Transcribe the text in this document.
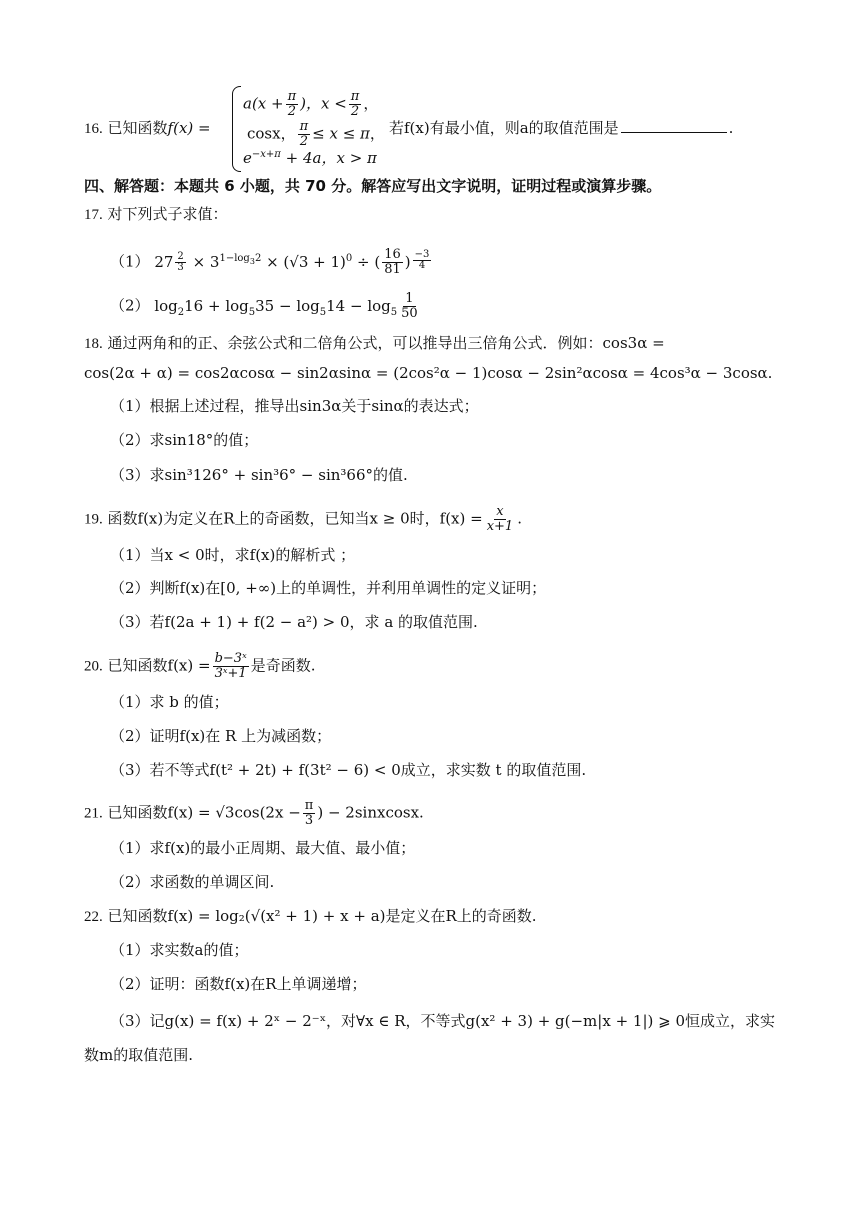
16. 已知函数f(x) =
$a(x + \frac{\pi}{2}$ )，$x < \frac{\pi}{2}$ ，
cosx， $\frac{\pi}{2} \le x \le \pi$， 若f(x)有最小值，则a的取值范围是	.
$e^{-x+\pi} + 4a$，x > π
四、解答题：本题共 6 小题，共 70 分。解答应写出文字说明，证明过程或演算步骤。
17. 对下列式子求值：
（1） $27 \frac{2}{3} \times 3^{1-log_32} \times (√3 + 1)^0$ ÷ ( $\frac{16}{81}$ ) $\frac{-3}{4}$
（2） $\log_216 + \log_535 - \log_514 - \log_5 \frac{1}{50}$
18. 通过两角和的正、余弦公式和二倍角公式，可以推导出三倍角公式．例如：cos3α =
cos(2α + α) = cos2αcosα − sin2αsinα = (2cos²α − 1)cosα − 2sin²αcosα = 4cos³α − 3cosα.
（1）根据上述过程，推导出sin3α关于sinα的表达式；
（2）求sin18°的值；
（3）求sin³126° + sin³6° − sin³66°的值.
19. 函数f(x)为定义在R上的奇函数，已知当x ≥ 0时，$f(x) = \frac{x}{x+1}$ .
（1）当x < 0时，求f(x)的解析式 ；
（2）判断f(x)在[0, +∞)上的单调性，并利用单调性的定义证明；
（3）若f(2a + 1) + f(2 − a²) > 0，求 a 的取值范围.
20. 已知函数$f(x) = \frac{\text{b−3ˣ}}{\text{3ˣ+1}}$ 是奇函数.
（1）求 b 的值；
（2）证明f(x)在 R 上为减函数；
（3）若不等式f(t² + 2t) + f(3t² − 6) < 0成立，求实数 t 的取值范围.
21. 已知函数$f(x) = √3\cos(2x - \frac{\pi}{3}$ ) − 2sinxcosx.
（1）求f(x)的最小正周期、最大值、最小值；
（2）求函数的单调区间.
22. 已知函数f(x) = log₂(√(x² + 1) + x + a)是定义在R上的奇函数.
（1）求实数a的值；
（2）证明：函数f(x)在R上单调递增；
（3）记g(x) = f(x) + 2ˣ − 2⁻ˣ，对∀x ∈ R，不等式g(x² + 3) + g(−m|x + 1|) ⩾ 0恒成立，求实
数m的取值范围.
